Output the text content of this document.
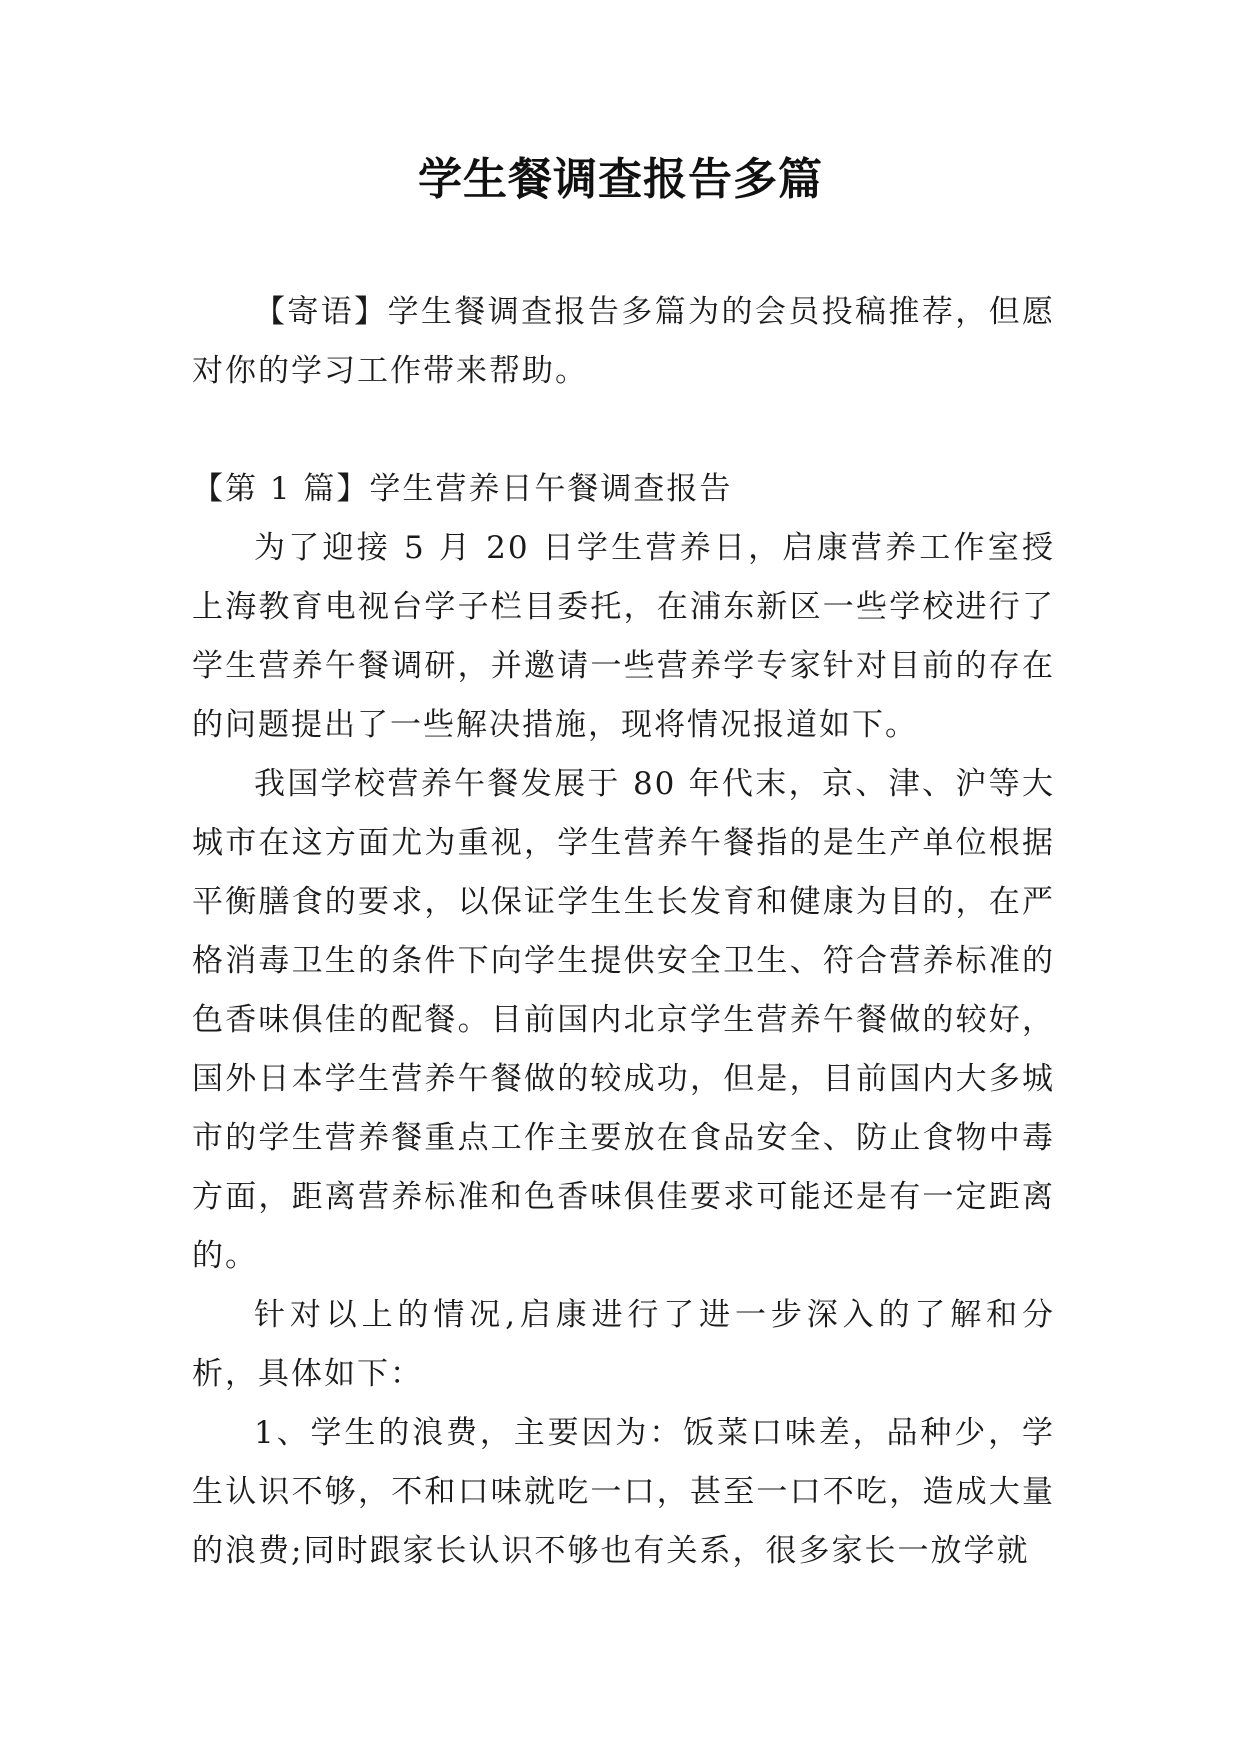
学生餐调查报告多篇

【寄语】学生餐调查报告多篇为的会员投稿推荐，但愿对你的学习工作带来帮助。

【第 1 篇】学生营养日午餐调查报告

为了迎接 5 月 20 日学生营养日，启康营养工作室授上海教育电视台学子栏目委托，在浦东新区一些学校进行了学生营养午餐调研，并邀请一些营养学专家针对目前的存在的问题提出了一些解决措施，现将情况报道如下。

我国学校营养午餐发展于 80 年代末，京、津、沪等大城市在这方面尤为重视，学生营养午餐指的是生产单位根据平衡膳食的要求，以保证学生生长发育和健康为目的，在严格消毒卫生的条件下向学生提供安全卫生、符合营养标准的色香味俱佳的配餐。目前国内北京学生营养午餐做的较好，国外日本学生营养午餐做的较成功，但是，目前国内大多城市的学生营养餐重点工作主要放在食品安全、防止食物中毒方面，距离营养标准和色香味俱佳要求可能还是有一定距离的。

针对以上的情况,启康进行了进一步深入的了解和分析，具体如下：

1、学生的浪费，主要因为：饭菜口味差，品种少，学生认识不够，不和口味就吃一口，甚至一口不吃，造成大量的浪费;同时跟家长认识不够也有关系，很多家长一放学就
